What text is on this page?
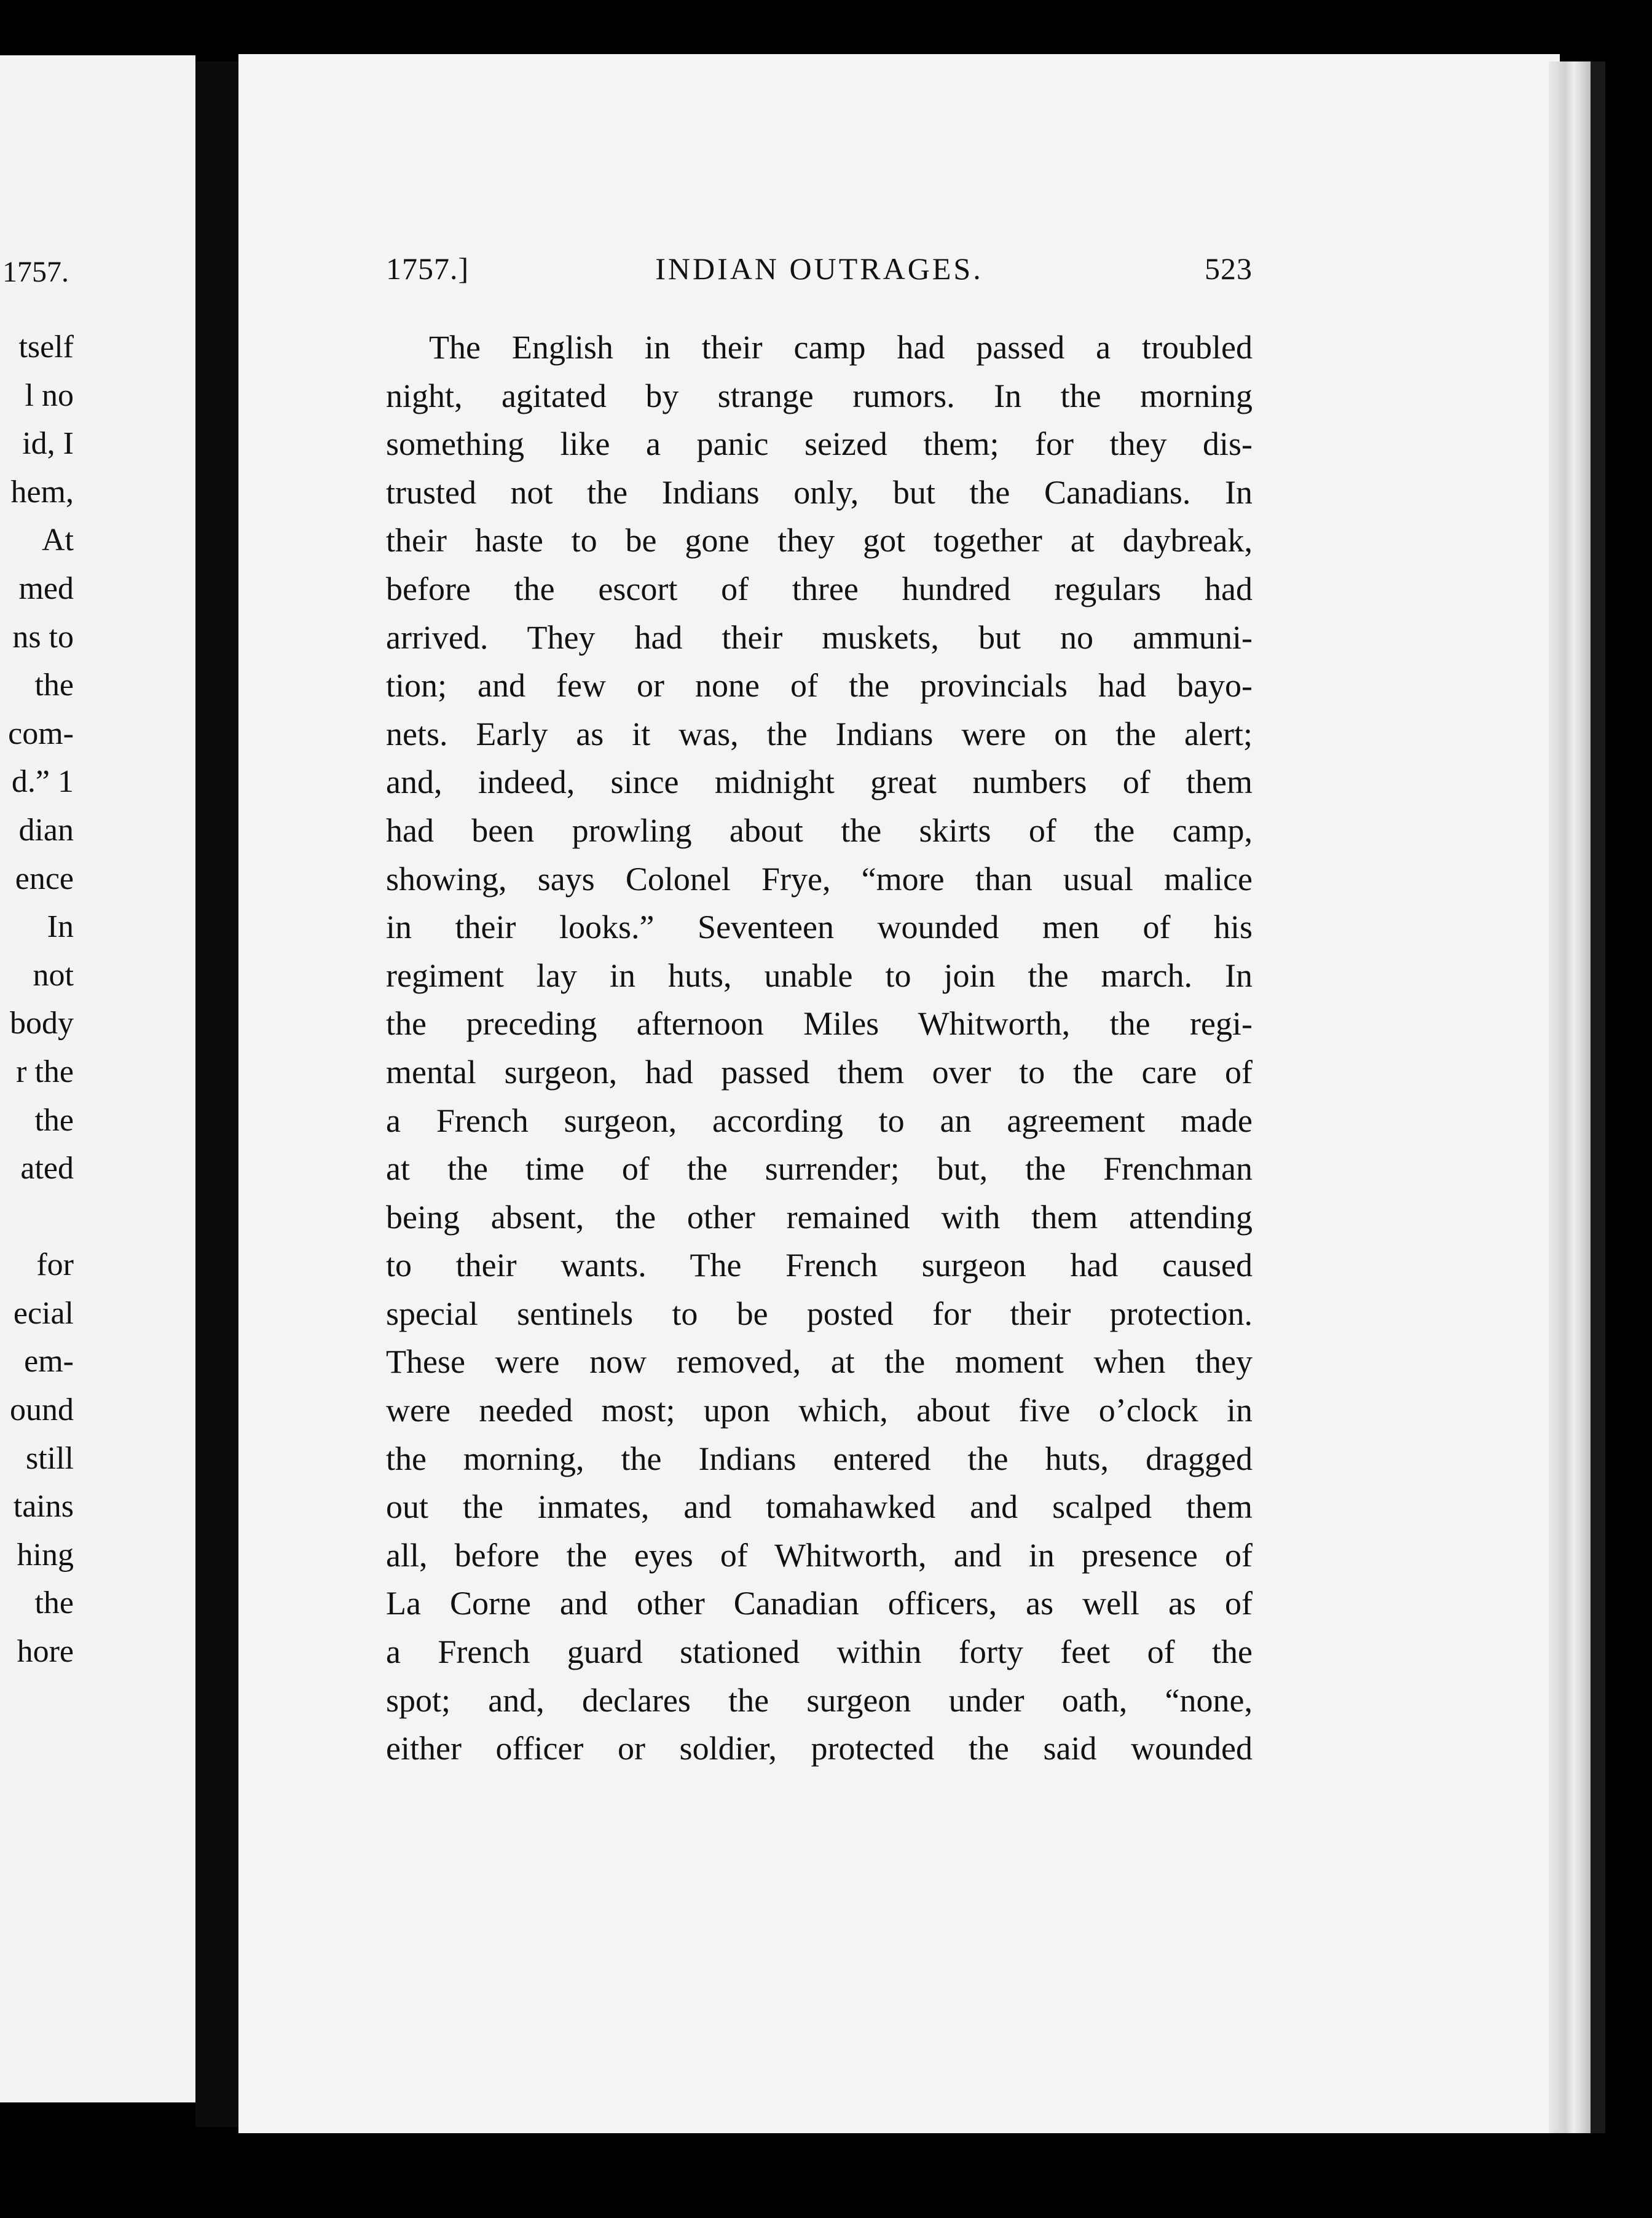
1757.
tself
l no
id, I
hem,
At
med
ns to
the
com-
d.” 1
dian
ence
In
not
body
r the
the
ated
for
ecial
em-
ound
still
tains
hing
the
hore
1757.]	INDIAN OUTRAGES.	523
The English in their camp had passed a troubled
night, agitated by strange rumors. In the morning
something like a panic seized them; for they dis-
trusted not the Indians only, but the Canadians. In
their haste to be gone they got together at daybreak,
before the escort of three hundred regulars had
arrived. They had their muskets, but no ammuni-
tion; and few or none of the provincials had bayo-
nets. Early as it was, the Indians were on the alert;
and, indeed, since midnight great numbers of them
had been prowling about the skirts of the camp,
showing, says Colonel Frye, “more than usual malice
in their looks.” Seventeen wounded men of his
regiment lay in huts, unable to join the march. In
the preceding afternoon Miles Whitworth, the regi-
mental surgeon, had passed them over to the care of
a French surgeon, according to an agreement made
at the time of the surrender; but, the Frenchman
being absent, the other remained with them attending
to their wants. The French surgeon had caused
special sentinels to be posted for their protection.
These were now removed, at the moment when they
were needed most; upon which, about five o’clock in
the morning, the Indians entered the huts, dragged
out the inmates, and tomahawked and scalped them
all, before the eyes of Whitworth, and in presence of
La Corne and other Canadian officers, as well as of
a French guard stationed within forty feet of the
spot; and, declares the surgeon under oath, “none,
either officer or soldier, protected the said wounded
